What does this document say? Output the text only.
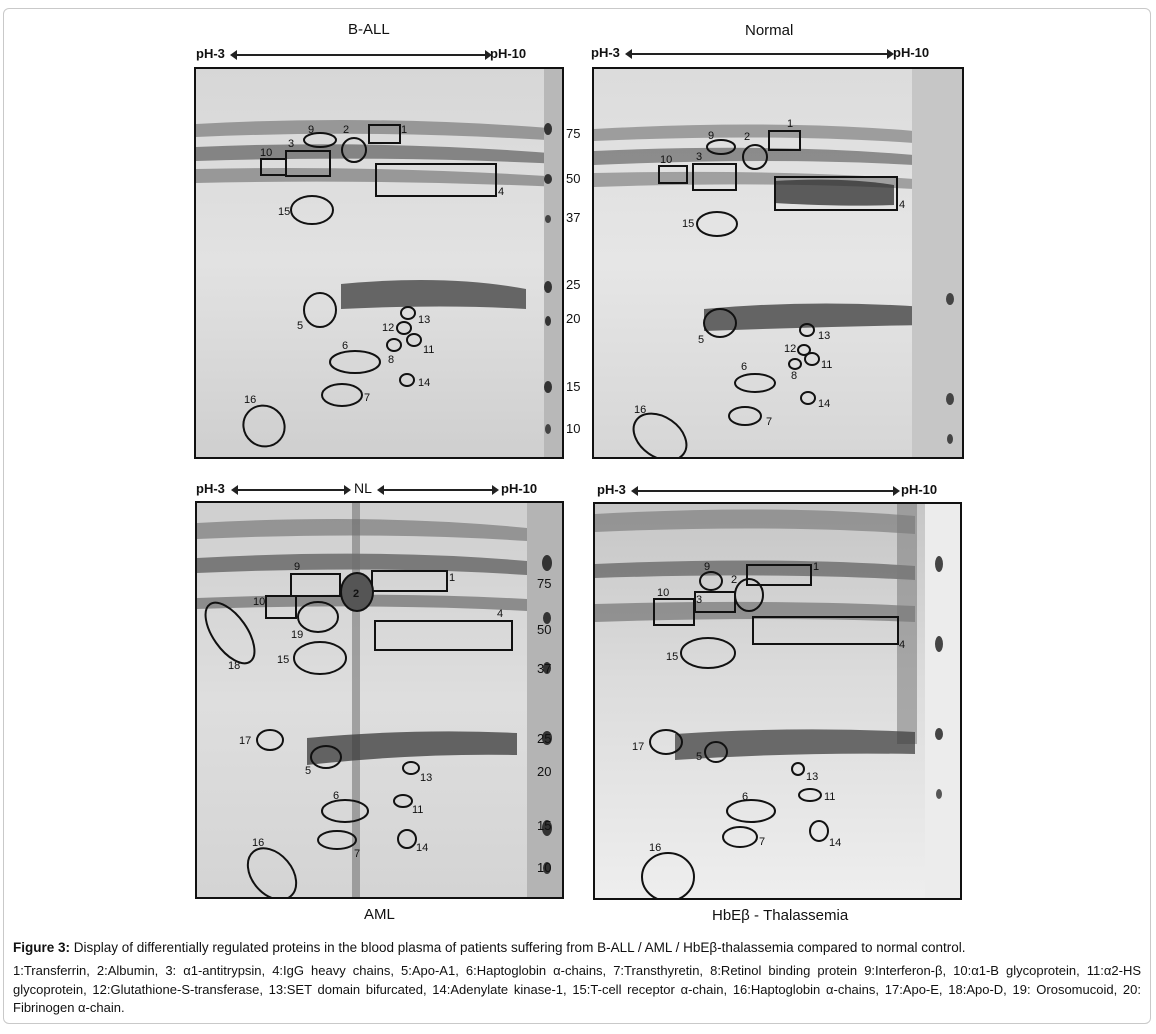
B-ALL
pH-3	pH-10
1
2
3
4
5
6
7
8
9
10
11
12
13
14
15
16
75
50
37
25
20
15
10
Normal
pH-3	pH-10
1
2
3
4
5
6
7
8
9
10
11
12
13
14
15
16
pH-3	NL	pH-10
1
2
4
5
6
7
9
10
11
13
14
15
16
17
18
19
75
50
37
25
20
15
10
AML
pH-3	pH-10
1
2
3
4
5
6
7
9
10
11
13
14
15
16
17
HbEβ - Thalassemia
Figure 3: Display of differentially regulated proteins in the blood plasma of patients suffering from B-ALL / AML / HbEβ-thalassemia compared to normal control.
1:Transferrin, 2:Albumin, 3: α1-antitrypsin, 4:IgG heavy chains, 5:Apo-A1, 6:Haptoglobin α-chains, 7:Transthyretin, 8:Retinol binding protein 9:Interferon-β, 10:α1-B glycoprotein, 11:α2-HS glycoprotein, 12:Glutathione-S-transferase, 13:SET domain bifurcated, 14:Adenylate kinase-1, 15:T-cell receptor α-chain, 16:Haptoglobin α-chains, 17:Apo-E, 18:Apo-D, 19: Orosomucoid, 20: Fibrinogen α-chain.
